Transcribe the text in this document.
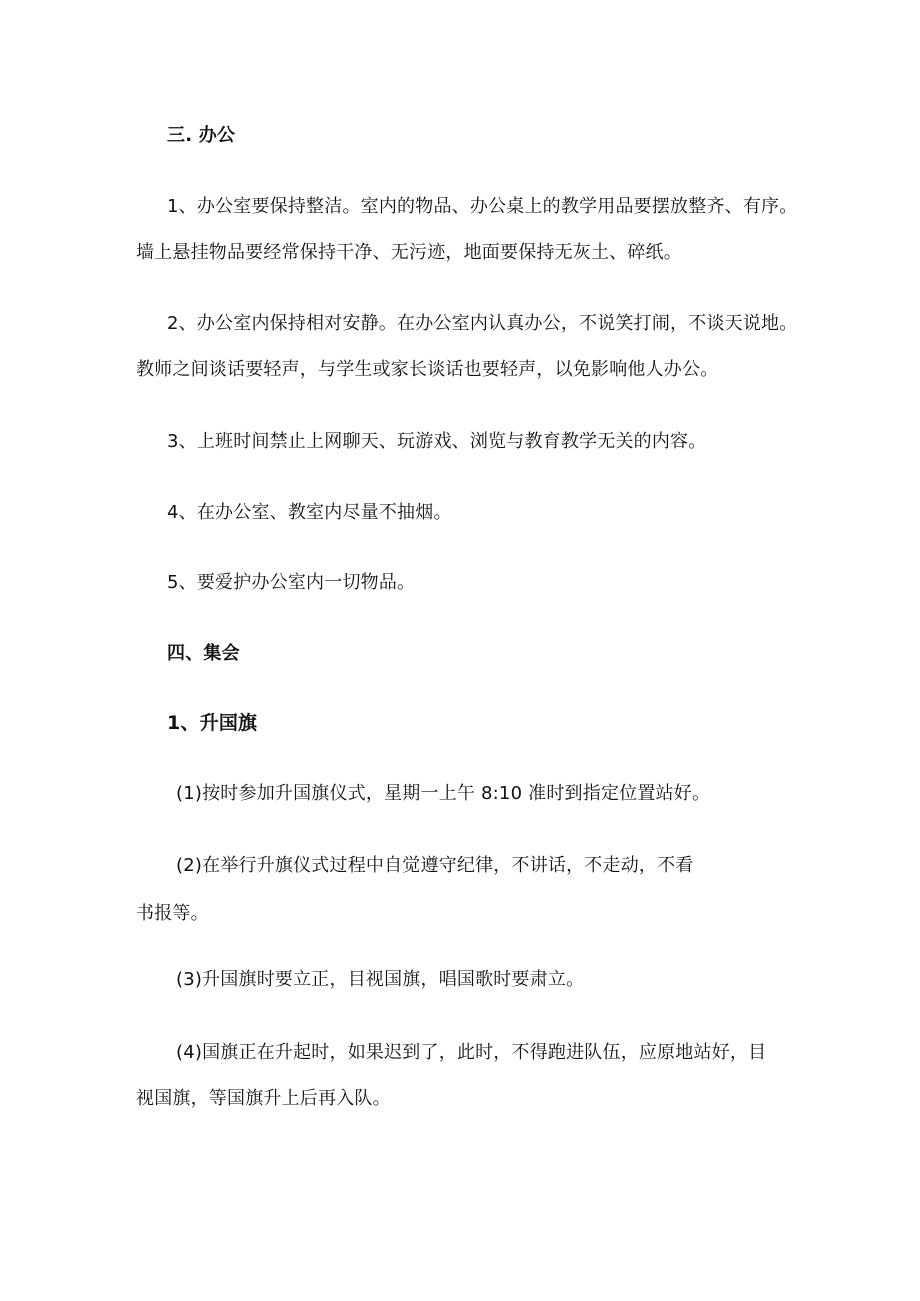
三. 办公
1、办公室要保持整洁。室内的物品、办公桌上的教学用品要摆放整齐、有序。
墙上悬挂物品要经常保持干净、无污迹，地面要保持无灰土、碎纸。
2、办公室内保持相对安静。在办公室内认真办公，不说笑打闹，不谈天说地。
教师之间谈话要轻声，与学生或家长谈话也要轻声，以免影响他人办公。
3、上班时间禁止上网聊天、玩游戏、浏览与教育教学无关的内容。
4、在办公室、教室内尽量不抽烟。
5、要爱护办公室内一切物品。
四、集会
1、升国旗
(1)按时参加升国旗仪式，星期一上午 8:10 准时到指定位置站好。
(2)在举行升旗仪式过程中自觉遵守纪律，不讲话，不走动，不看
书报等。
(3)升国旗时要立正，目视国旗，唱国歌时要肃立。
(4)国旗正在升起时，如果迟到了，此时，不得跑进队伍，应原地站好，目
视国旗，等国旗升上后再入队。
